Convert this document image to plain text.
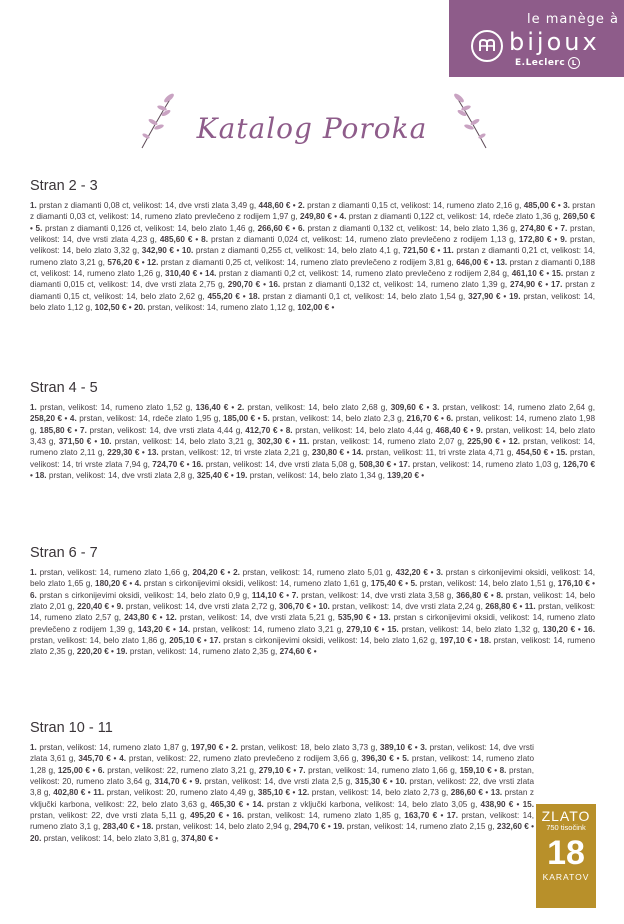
le manège à
bijoux
E.Leclerc L
Katalog Poroka
Stran 2 - 3
1. prstan z diamanti 0,08 ct, velikost: 14, dve vrsti zlata 3,49 g, 448,60 € • 2. prstan z diamanti 0,15 ct, velikost: 14, rumeno zlato 2,16 g, 485,00 € • 3. prstan z diamanti 0,03 ct, velikost: 14, rumeno zlato prevlečeno z rodijem 1,97 g, 249,80 € • 4. prstan z diamanti 0,122 ct, velikost: 14, rdeče zlato 1,36 g, 269,50 € • 5. prstan z diamanti 0,126 ct, velikost: 14, belo zlato 1,46 g, 266,60 € • 6. prstan z diamanti 0,132 ct, velikost: 14, belo zlato 1,36 g, 274,80 € • 7. prstan, velikost: 14, dve vrsti zlata 4,23 g, 485,60 € • 8. prstan z diamanti 0,024 ct, velikost: 14, rumeno zlato prevlečeno z rodijem 1,13 g, 172,80 € • 9. prstan, velikost: 14, belo zlato 3,32 g, 342,90 € • 10. prstan z diamanti 0,255 ct, velikost: 14, belo zlato 4,1 g, 721,50 € • 11. prstan z diamanti 0,21 ct, velikost: 14, rumeno zlato 3,21 g, 576,20 € • 12. prstan z diamanti 0,25 ct, velikost: 14, rumeno zlato prevlečeno z rodijem 3,81 g, 646,00 € • 13. prstan z diamanti 0,188 ct, velikost: 14, rumeno zlato 1,26 g, 310,40 € • 14. prstan z diamanti 0,2 ct, velikost: 14, rumeno zlato prevlečeno z rodijem 2,84 g, 461,10 € • 15. prstan z diamanti 0,015 ct, velikost: 14, dve vrsti zlata 2,75 g, 290,70 € • 16. prstan z diamanti 0,132 ct, velikost: 14, rumeno zlato 1,39 g, 274,90 € • 17. prstan z diamanti 0,15 ct, velikost: 14, belo zlato 2,62 g, 455,20 € • 18. prstan z diamanti 0,1 ct, velikost: 14, belo zlato 1,54 g, 327,90 € • 19. prstan, velikost: 14, belo zlato 1,12 g, 102,50 € • 20. prstan, velikost: 14, rumeno zlato 1,12 g, 102,00 € •
Stran 4 - 5
1. prstan, velikost: 14, rumeno zlato 1,52 g, 136,40 € • 2. prstan, velikost: 14, belo zlato 2,68 g, 309,60 € • 3. prstan, velikost: 14, rumeno zlato 2,64 g, 258,20 € • 4. prstan, velikost: 14, rdeče zlato 1,95 g, 185,00 € • 5. prstan, velikost: 14, belo zlato 2,3 g, 216,70 € • 6. prstan, velikost: 14, rumeno zlato 1,98 g, 185,80 € • 7. prstan, velikost: 14, dve vrsti zlata 4,44 g, 412,70 € • 8. prstan, velikost: 14, belo zlato 4,44 g, 468,40 € • 9. prstan, velikost: 14, belo zlato 3,43 g, 371,50 € • 10. prstan, velikost: 14, belo zlato 3,21 g, 302,30 € • 11. prstan, velikost: 14, rumeno zlato 2,07 g, 225,90 € • 12. prstan, velikost: 14, rumeno zlato 2,11 g, 229,30 € • 13. prstan, velikost: 12, tri vrste zlata 2,21 g, 230,80 € • 14. prstan, velikost: 11, tri vrste zlata 4,71 g, 454,50 € • 15. prstan, velikost: 14, tri vrste zlata 7,94 g, 724,70 € • 16. prstan, velikost: 14, dve vrsti zlata 5,08 g, 508,30 € • 17. prstan, velikost: 14, rumeno zlato 1,03 g, 126,70 € • 18. prstan, velikost: 14, dve vrsti zlata 2,8 g, 325,40 € • 19. prstan, velikost: 14, belo zlato 1,34 g, 139,20 € •
Stran 6 - 7
1. prstan, velikost: 14, rumeno zlato 1,66 g, 204,20 € • 2. prstan, velikost: 14, rumeno zlato 5,01 g, 432,20 € • 3. prstan s cirkonijevimi oksidi, velikost: 14, belo zlato 1,65 g, 180,20 € • 4. prstan s cirkonijevimi oksidi, velikost: 14, rumeno zlato 1,61 g, 175,40 € • 5. prstan, velikost: 14, belo zlato 1,51 g, 176,10 € • 6. prstan s cirkonijevimi oksidi, velikost: 14, belo zlato 0,9 g, 114,10 € • 7. prstan, velikost: 14, dve vrsti zlata 3,58 g, 366,80 € • 8. prstan, velikost: 14, belo zlato 2,01 g, 220,40 € • 9. prstan, velikost: 14, dve vrsti zlata 2,72 g, 306,70 € • 10. prstan, velikost: 14, dve vrsti zlata 2,24 g, 268,80 € • 11. prstan, velikost: 14, rumeno zlato 2,57 g, 243,80 € • 12. prstan, velikost: 14, dve vrsti zlata 5,21 g, 535,90 € • 13. prstan s cirkonijevimi oksidi, velikost: 14, rumeno zlato prevlečeno z rodijem 1,39 g, 143,20 € • 14. prstan, velikost: 14, rumeno zlato 3,21 g, 279,10 € • 15. prstan, velikost: 14, belo zlato 1,32 g, 130,20 € • 16. prstan, velikost: 14, belo zlato 1,86 g, 205,10 € • 17. prstan s cirkonijevimi oksidi, velikost: 14, belo zlato 1,62 g, 197,10 € • 18. prstan, velikost: 14, rumeno zlato 2,35 g, 220,20 € • 19. prstan, velikost: 14, rumeno zlato 2,35 g, 274,60 € •
Stran 10 - 11
1. prstan, velikost: 14, rumeno zlato 1,87 g, 197,90 € • 2. prstan, velikost: 18, belo zlato 3,73 g, 389,10 € • 3. prstan, velikost: 14, dve vrsti zlata 3,61 g, 345,70 € • 4. prstan, velikost: 22, rumeno zlato prevlečeno z rodijem 3,66 g, 396,30 € • 5. prstan, velikost: 14, rumeno zlato 1,28 g, 125,00 € • 6. prstan, velikost: 22, rumeno zlato 3,21 g, 279,10 € • 7. prstan, velikost: 14, rumeno zlato 1,66 g, 159,10 € • 8. prstan, velikost: 20, rumeno zlato 3,64 g, 314,70 € • 9. prstan, velikost: 14, dve vrsti zlata 2,5 g, 315,30 € • 10. prstan, velikost: 22, dve vrsti zlata 3,8 g, 402,80 € • 11. prstan, velikost: 20, rumeno zlato 4,49 g, 385,10 € • 12. prstan, velikost: 14, belo zlato 2,73 g, 286,60 € • 13. prstan z vključki karbona, velikost: 22, belo zlato 3,63 g, 465,30 € • 14. prstan z vključki karbona, velikost: 14, belo zlato 3,05 g, 438,90 € • 15. prstan, velikost: 22, dve vrsti zlata 5,11 g, 495,20 € • 16. prstan, velikost: 14, rumeno zlato 1,85 g, 163,70 € • 17. prstan, velikost: 14, rumeno zlato 3,1 g, 283,40 € • 18. prstan, velikost: 14, belo zlato 2,94 g, 294,70 € • 19. prstan, velikost: 14, rumeno zlato 2,15 g, 232,60 € • 20. prstan, velikost: 14, belo zlato 3,81 g, 374,80 € •
ZLATO
750 tisočink
18
KARATOV
